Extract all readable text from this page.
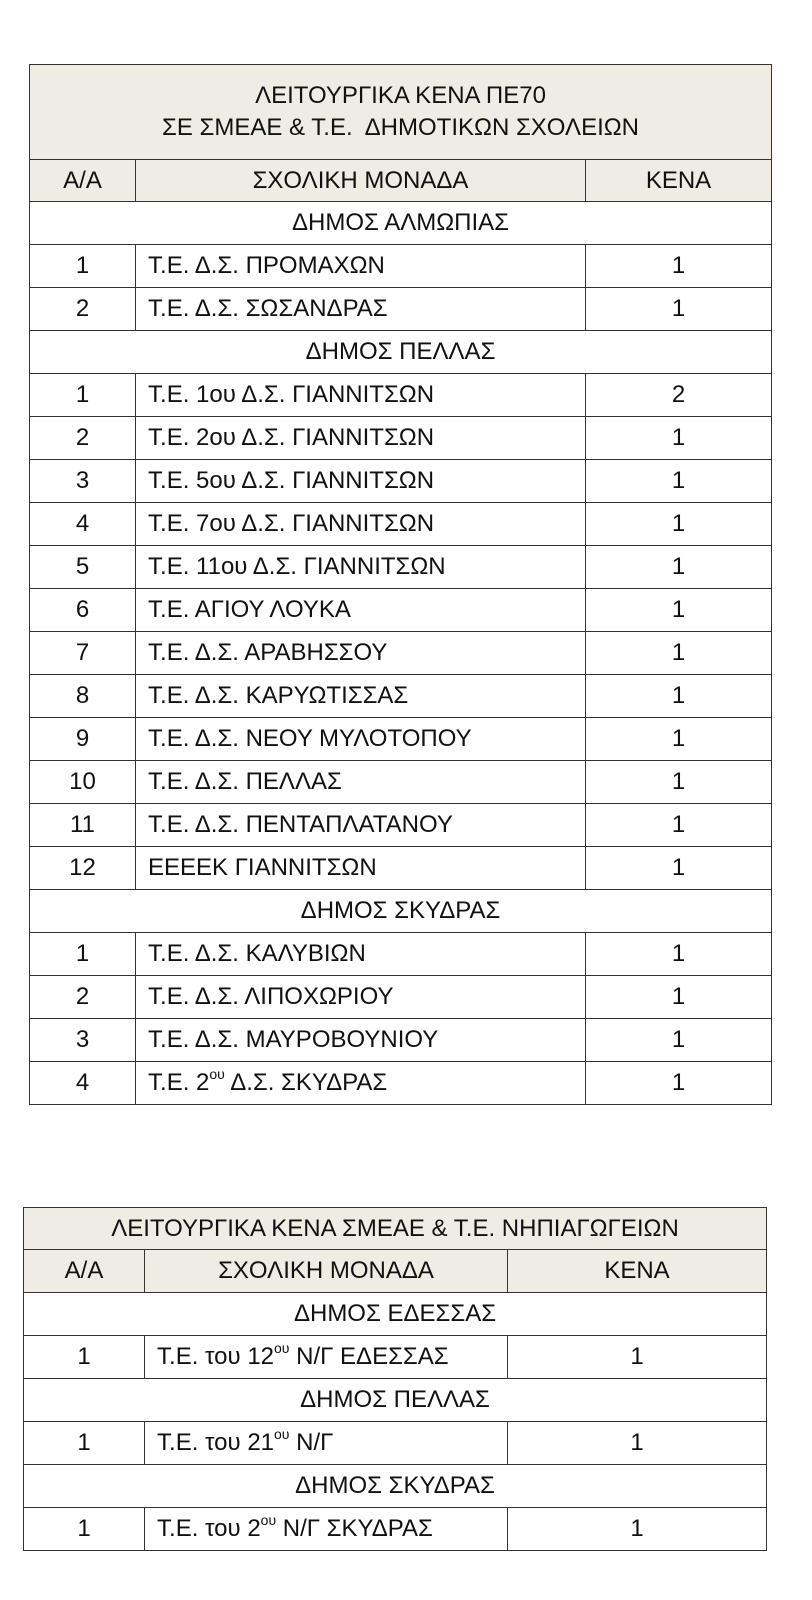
ΛΕΙΤΟΥΡΓΙΚΑ ΚΕΝΑ ΠΕ70
ΣΕ ΣΜΕΑΕ & Τ.Ε.  ΔΗΜΟΤΙΚΩΝ ΣΧΟΛΕΙΩΝ		

Α/Α	ΣΧΟΛΙΚΗ ΜΟΝΑΔΑ	ΚΕΝΑ
ΔΗΜΟΣ ΑΛΜΩΠΙΑΣ		
1	Τ.Ε. Δ.Σ. ΠΡΟΜΑΧΩΝ	1
2	Τ.Ε. Δ.Σ. ΣΩΣΑΝΔΡΑΣ	1
ΔΗΜΟΣ ΠΕΛΛΑΣ		
1	Τ.Ε. 1ου Δ.Σ. ΓΙΑΝΝΙΤΣΩΝ	2
2	Τ.Ε. 2ου Δ.Σ. ΓΙΑΝΝΙΤΣΩΝ	1
3	Τ.Ε. 5ου Δ.Σ. ΓΙΑΝΝΙΤΣΩΝ	1
4	Τ.Ε. 7ου Δ.Σ. ΓΙΑΝΝΙΤΣΩΝ	1
5	Τ.Ε. 11ου Δ.Σ. ΓΙΑΝΝΙΤΣΩΝ	1
6	Τ.Ε. ΑΓΙΟΥ ΛΟΥΚΑ	1
7	Τ.Ε. Δ.Σ. ΑΡΑΒΗΣΣΟΥ	1
8	Τ.Ε. Δ.Σ. ΚΑΡΥΩΤΙΣΣΑΣ	1
9	Τ.Ε. Δ.Σ. ΝΕΟΥ ΜΥΛΟΤΟΠΟΥ	1
10	Τ.Ε. Δ.Σ. ΠΕΛΛΑΣ	1
11	Τ.Ε. Δ.Σ. ΠΕΝΤΑΠΛΑΤΑΝΟΥ	1
12	ΕΕΕΕΚ ΓΙΑΝΝΙΤΣΩΝ	1
ΔΗΜΟΣ ΣΚΥΔΡΑΣ		
1	Τ.Ε. Δ.Σ. ΚΑΛΥΒΙΩΝ	1
2	Τ.Ε. Δ.Σ. ΛΙΠΟΧΩΡΙΟΥ	1
3	Τ.Ε. Δ.Σ. ΜΑΥΡΟΒΟΥΝΙΟΥ	1
4	Τ.Ε. $2^{o\upsilon}$ Δ.Σ. ΣΚΥΔΡΑΣ	1
ΛΕΙΤΟΥΡΓΙΚΑ ΚΕΝΑ ΣΜΕΑΕ & Τ.Ε. ΝΗΠΙΑΓΩΓΕΙΩΝ		
Α/Α	ΣΧΟΛΙΚΗ ΜΟΝΑΔΑ	ΚΕΝΑ
ΔΗΜΟΣ ΕΔΕΣΣΑΣ		
1	Τ.Ε. του $12^{o\upsilon}$ Ν/Γ ΕΔΕΣΣΑΣ	1
ΔΗΜΟΣ ΠΕΛΛΑΣ		
1	Τ.Ε. του $21^{o\upsilon}$ Ν/Γ	1
ΔΗΜΟΣ ΣΚΥΔΡΑΣ		
1	Τ.Ε. του $2^{o\upsilon}$ Ν/Γ ΣΚΥΔΡΑΣ	1
